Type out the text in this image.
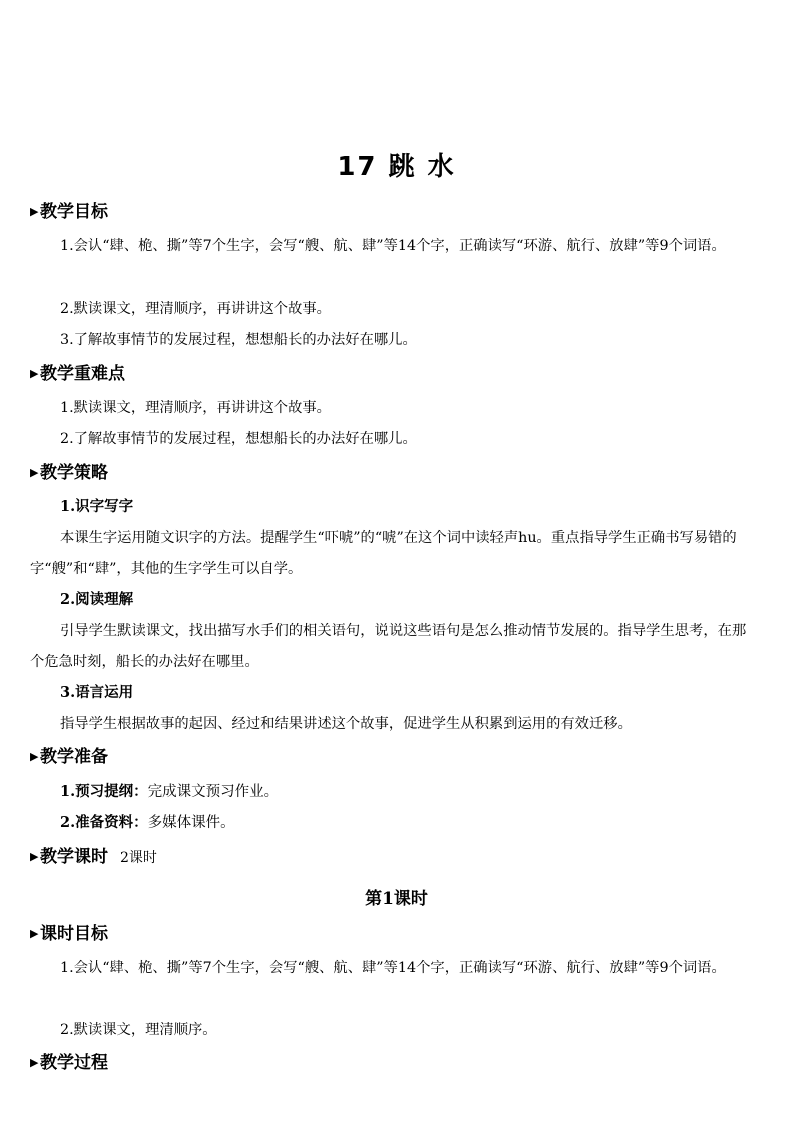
17 跳 水
▶教学目标
1.会认“肆、桅、撕”等7个生字，会写“艘、航、肆”等14个字，正确读写“环游、航行、放肆”等9个词语。
2.默读课文，理清顺序，再讲讲这个故事。
3.了解故事情节的发展过程，想想船长的办法好在哪儿。
▶教学重难点
1.默读课文，理清顺序，再讲讲这个故事。
2.了解故事情节的发展过程，想想船长的办法好在哪儿。
▶教学策略
1.识字写字
本课生字运用随文识字的方法。提醒学生“吓唬”的“唬”在这个词中读轻声hu。重点指导学生正确书写易错的字“艘”和“肆”，其他的生字学生可以自学。
2.阅读理解
引导学生默读课文，找出描写水手们的相关语句，说说这些语句是怎么推动情节发展的。指导学生思考，在那个危急时刻，船长的办法好在哪里。
3.语言运用
指导学生根据故事的起因、经过和结果讲述这个故事，促进学生从积累到运用的有效迁移。
▶教学准备
1.预习提纲：完成课文预习作业。
2.准备资料：多媒体课件。
▶教学课时 2课时
第1课时
▶课时目标
1.会认“肆、桅、撕”等7个生字，会写“艘、航、肆”等14个字，正确读写“环游、航行、放肆”等9个词语。
2.默读课文，理清顺序。
▶教学过程
